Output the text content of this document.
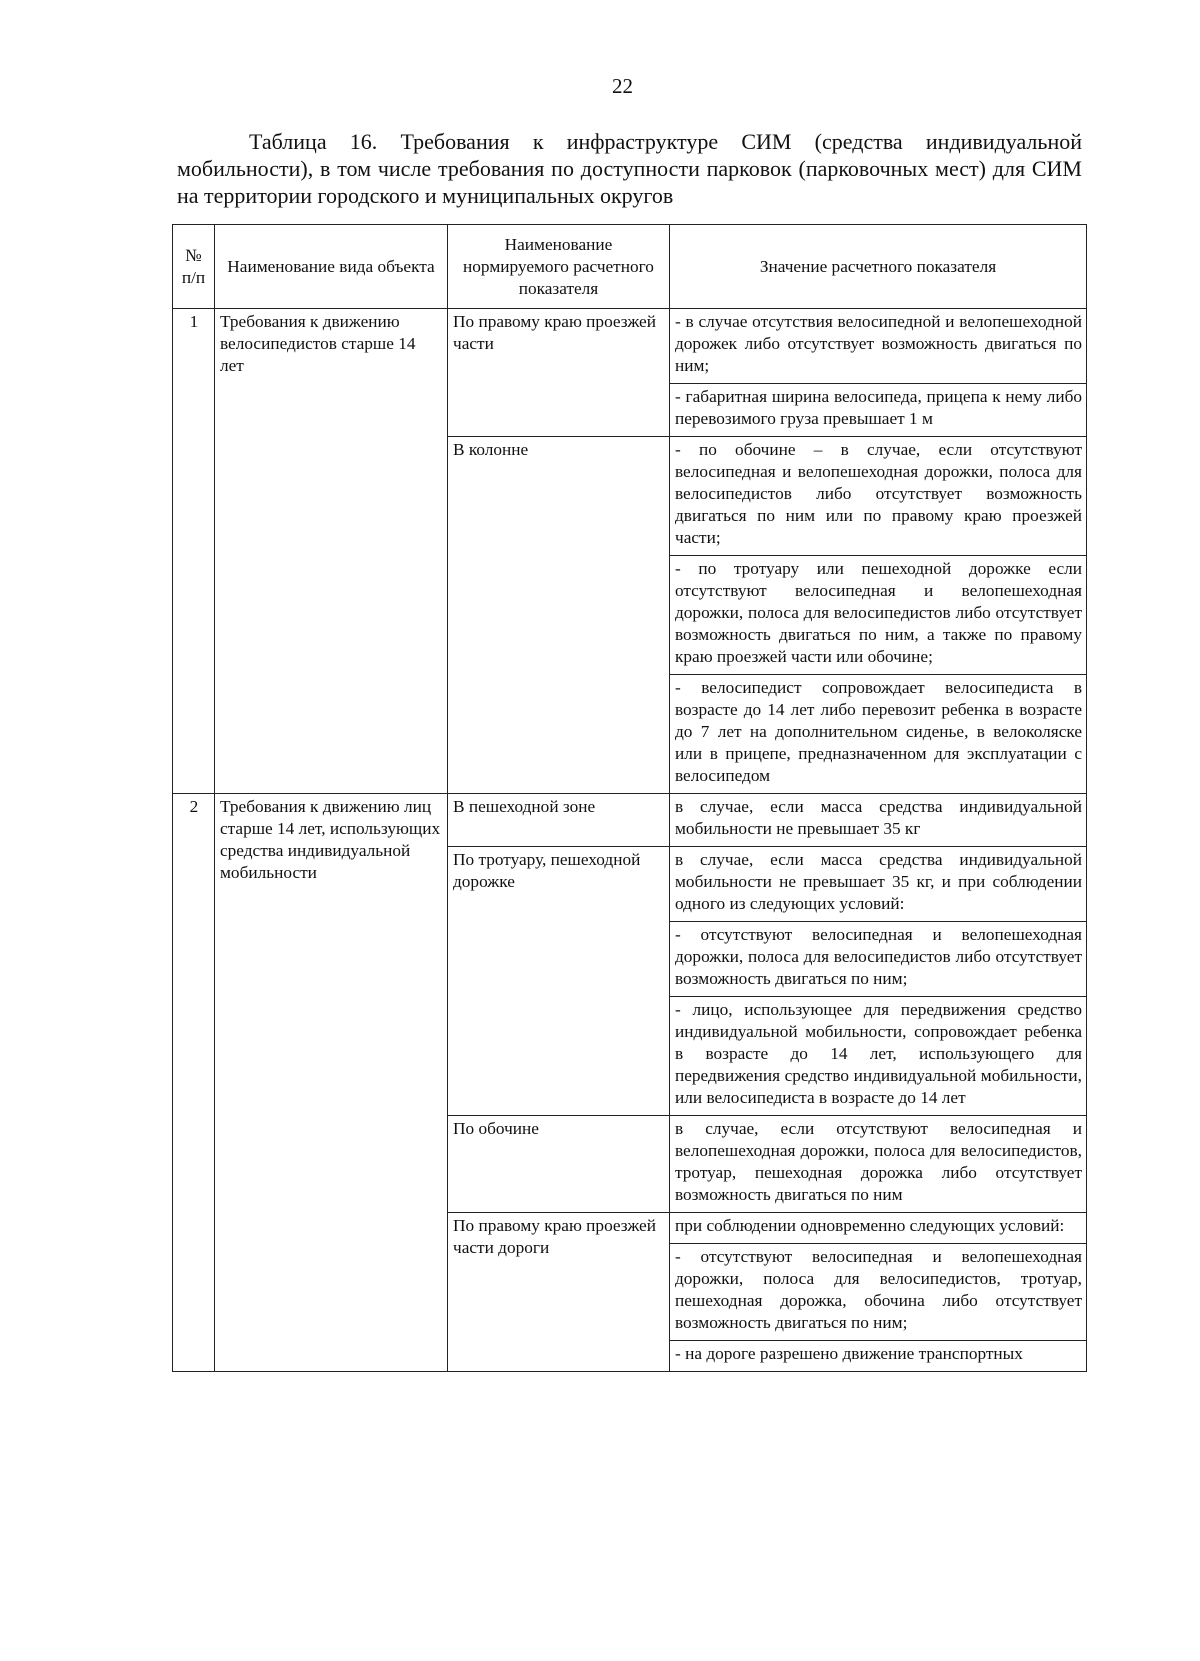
22
Таблица 16. Требования к инфраструктуре СИМ (средства индивидуальной мобильности), в том числе требования по доступности парковок (парковочных мест) для СИМ на территории городского и муниципальных округов
№ п/п	Наименование вида объекта	Наименование нормируемого расчетного показателя	Значение расчетного показателя
1	Требования к движению велосипедистов старше 14 лет	По правому краю проезжей части	- в случае отсутствия велосипедной и велопешеходной дорожек либо отсутствует возможность двигаться по ним;
			- габаритная ширина велосипеда, прицепа к нему либо перевозимого груза превышает 1 м
		В колонне	- по обочине – в случае, если отсутствуют велосипедная и велопешеходная дорожки, полоса для велосипедистов либо отсутствует возможность двигаться по ним или по правому краю проезжей части;
			- по тротуару или пешеходной дорожке если отсутствуют велосипедная и велопешеходная дорожки, полоса для велосипедистов либо отсутствует возможность двигаться по ним, а также по правому краю проезжей части или обочине;
			- велосипедист сопровождает велосипедиста в возрасте до 14 лет либо перевозит ребенка в возрасте до 7 лет на дополнительном сиденье, в велоколяске или в прицепе, предназначенном для эксплуатации с велосипедом
2	Требования к движению лиц старше 14 лет, использующих средства индивидуальной мобильности	В пешеходной зоне	в случае, если масса средства индивидуальной мобильности не превышает 35 кг
		По тротуару, пешеходной дорожке	в случае, если масса средства индивидуальной мобильности не превышает 35 кг, и при соблюдении одного из следующих условий:
			- отсутствуют велосипедная и велопешеходная дорожки, полоса для велосипедистов либо отсутствует возможность двигаться по ним;
			- лицо, использующее для передвижения средство индивидуальной мобильности, сопровождает ребенка в возрасте до 14 лет, использующего для передвижения средство индивидуальной мобильности, или велосипедиста в возрасте до 14 лет
		По обочине	в случае, если отсутствуют велосипедная и велопешеходная дорожки, полоса для велосипедистов, тротуар, пешеходная дорожка либо отсутствует возможность двигаться по ним
		По правому краю проезжей части дороги	при соблюдении одновременно следующих условий:
			- отсутствуют велосипедная и велопешеходная дорожки, полоса для велосипедистов, тротуар, пешеходная дорожка, обочина либо отсутствует возможность двигаться по ним;
			- на дороге разрешено движение транспортных
